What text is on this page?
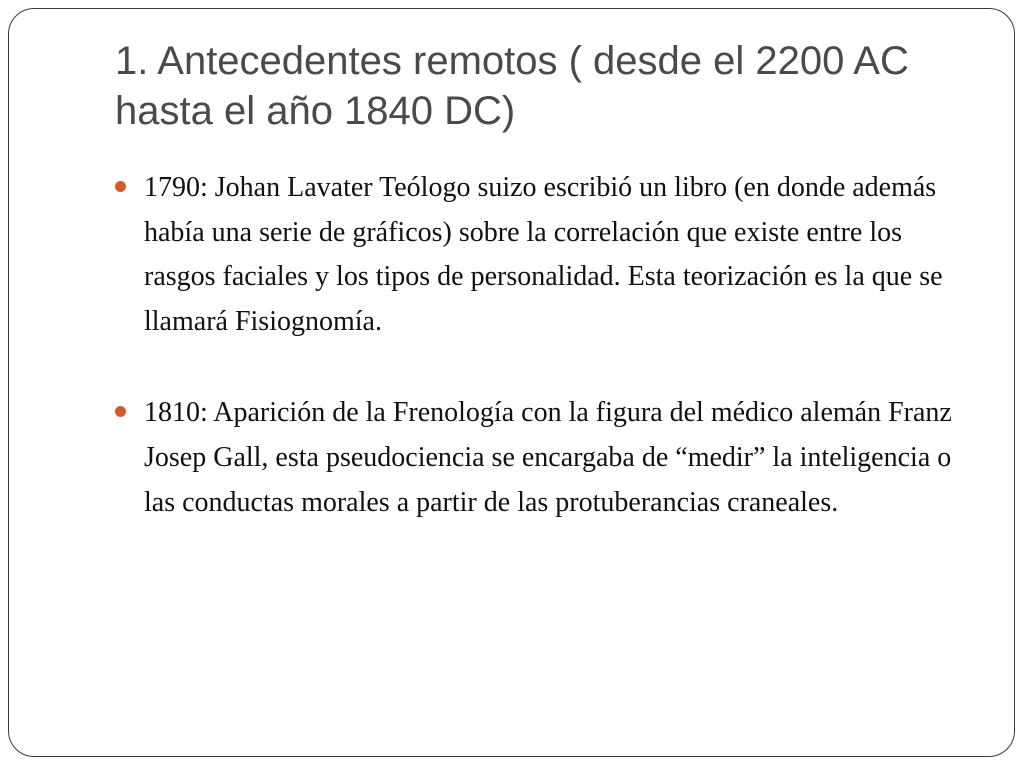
1. Antecedentes remotos ( desde el 2200 AC hasta el año 1840 DC)
1790: Johan Lavater Teólogo suizo escribió un libro (en donde además había una serie de gráficos) sobre la correlación que existe entre los rasgos faciales y los tipos de personalidad. Esta teorización es la que se llamará Fisiognomía.
1810: Aparición de la Frenología con la figura del médico alemán Franz Josep Gall, esta pseudociencia se encargaba de “medir” la inteligencia o las conductas morales a partir de las protuberancias craneales.
